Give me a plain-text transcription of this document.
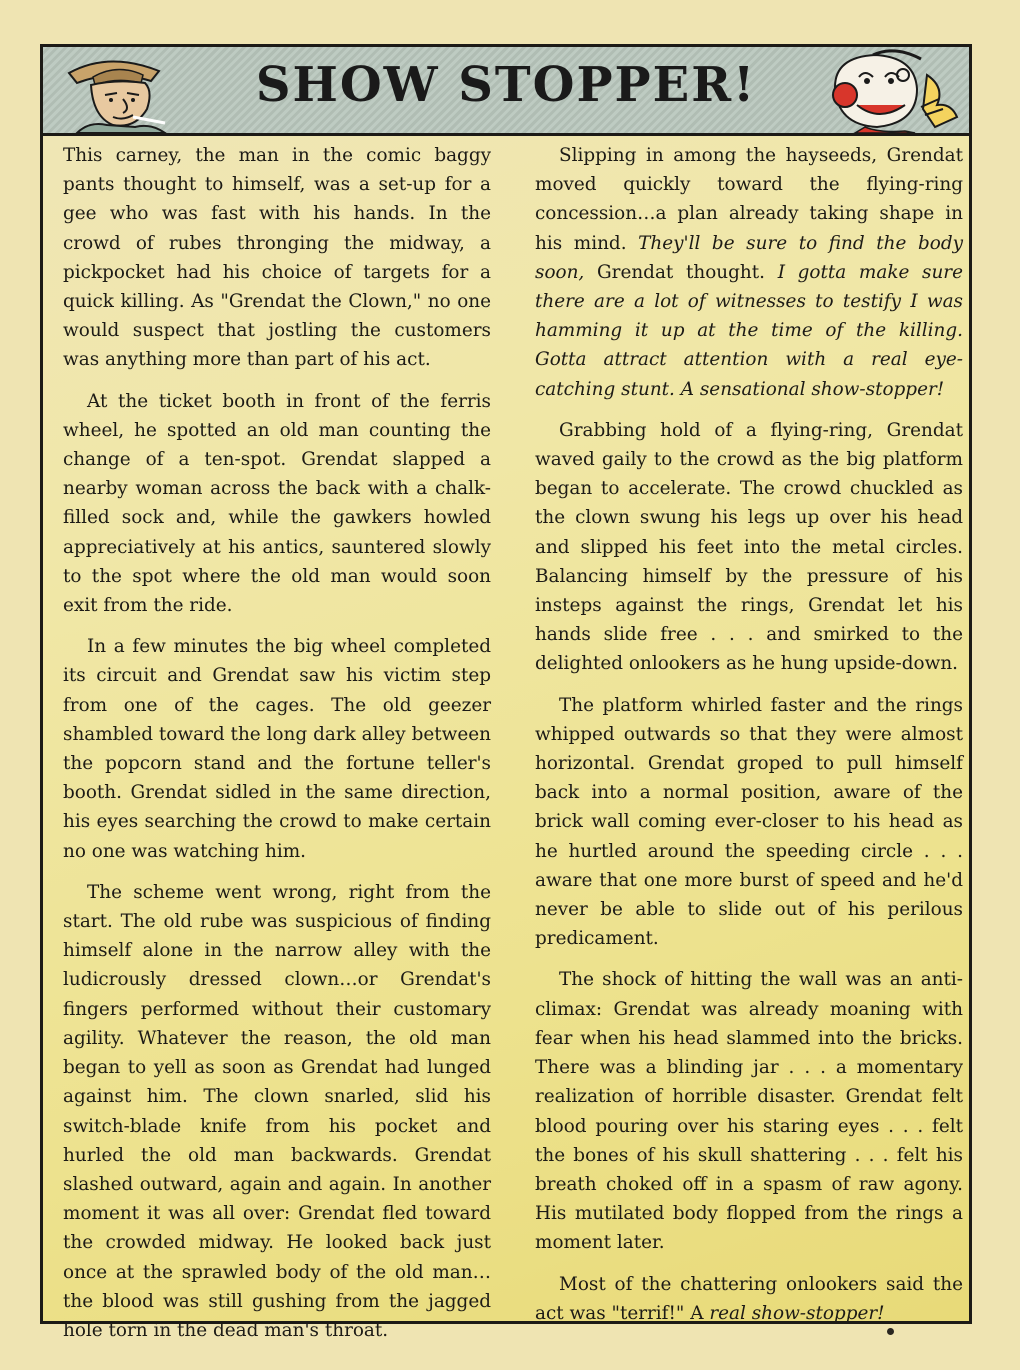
SHOW STOPPER!

This carney, the man in the comic baggy pants thought to himself, was a set-up for a gee who was fast with his hands. In the crowd of rubes thronging the midway, a pickpocket had his choice of targets for a quick killing. As "Grendat the Clown," no one would suspect that jostling the customers was anything more than part of his act.

At the ticket booth in front of the ferris wheel, he spotted an old man counting the change of a ten-spot. Grendat slapped a nearby woman across the back with a chalk-filled sock and, while the gawkers howled appreciatively at his antics, sauntered slowly to the spot where the old man would soon exit from the ride.

In a few minutes the big wheel completed its circuit and Grendat saw his victim step from one of the cages. The old geezer shambled toward the long dark alley between the popcorn stand and the fortune teller's booth. Grendat sidled in the same direction, his eyes searching the crowd to make certain no one was watching him.

The scheme went wrong, right from the start. The old rube was suspicious of finding himself alone in the narrow alley with the ludicrously dressed clown…or Grendat's fingers performed without their customary agility. Whatever the reason, the old man began to yell as soon as Grendat had lunged against him. The clown snarled, slid his switch-blade knife from his pocket and hurled the old man backwards. Grendat slashed outward, again and again. In another moment it was all over: Grendat fled toward the crowded midway. He looked back just once at the sprawled body of the old man…the blood was still gushing from the jagged hole torn in the dead man's throat.

Slipping in among the hayseeds, Grendat moved quickly toward the flying-ring concession…a plan already taking shape in his mind. They'll be sure to find the body soon, Grendat thought. I gotta make sure there are a lot of witnesses to testify I was hamming it up at the time of the killing. Gotta attract attention with a real eye-catching stunt. A sensational show-stopper!

Grabbing hold of a flying-ring, Grendat waved gaily to the crowd as the big platform began to accelerate. The crowd chuckled as the clown swung his legs up over his head and slipped his feet into the metal circles. Balancing himself by the pressure of his insteps against the rings, Grendat let his hands slide free . . . and smirked to the delighted onlookers as he hung upside-down.

The platform whirled faster and the rings whipped outwards so that they were almost horizontal. Grendat groped to pull himself back into a normal position, aware of the brick wall coming ever-closer to his head as he hurtled around the speeding circle . . . aware that one more burst of speed and he'd never be able to slide out of his perilous predicament.

The shock of hitting the wall was an anti-climax: Grendat was already moaning with fear when his head slammed into the bricks. There was a blinding jar . . . a momentary realization of horrible disaster. Grendat felt blood pouring over his staring eyes . . . felt the bones of his skull shattering . . . felt his breath choked off in a spasm of raw agony. His mutilated body flopped from the rings a moment later.

Most of the chattering onlookers said the act was "terrif!" A real show-stopper!
